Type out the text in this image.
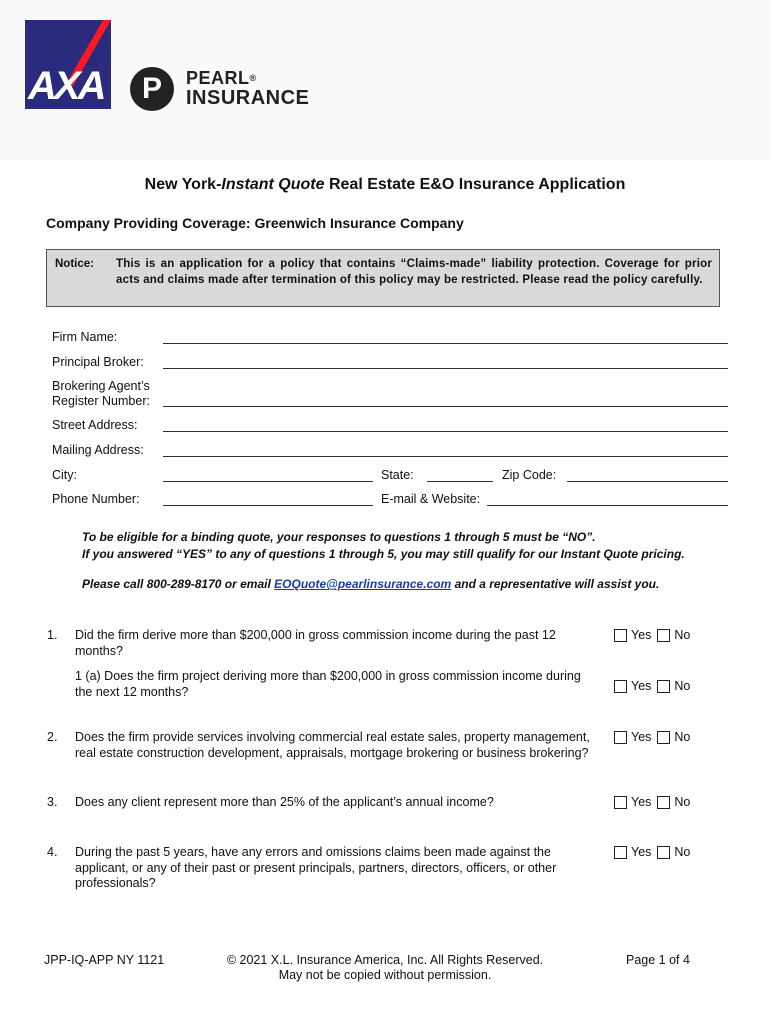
AXA	P	PEARL®
INSURANCE
New York-Instant Quote Real Estate E&O Insurance Application
Company Providing Coverage: Greenwich Insurance Company
Notice: This is an application for a policy that contains “Claims-made” liability protection. Coverage for prior acts and claims made after termination of this policy may be restricted. Please read the policy carefully.
Firm Name:
Principal Broker:
Brokering Agent’s
Register Number:
Street Address:
Mailing Address:
City:	State:	Zip Code:
Phone Number:	E-mail & Website:
To be eligible for a binding quote, your responses to questions 1 through 5 must be “NO”.
If you answered “YES” to any of questions 1 through 5, you may still qualify for our Instant Quote pricing.
Please call 800-289-8170 or email EOQuote@pearlinsurance.com and a representative will assist you.
1. Did the firm derive more than $200,000 in gross commission income during the past 12 months?
Yes No
1 (a) Does the firm project deriving more than $200,000 in gross commission income during the next 12 months?	Yes No
2. Does the firm provide services involving commercial real estate sales, property management, real estate construction development, appraisals, mortgage brokering or business brokering?
Yes No
3. Does any client represent more than 25% of the applicant’s annual income?	Yes No
4. During the past 5 years, have any errors and omissions claims been made against the applicant, or any of their past or present principals, partners, directors, officers, or other professionals?
Yes No
JPP-IQ-APP NY 1121	© 2021 X.L. Insurance America, Inc. All Rights Reserved.
May not be copied without permission.
Page 1 of 4
